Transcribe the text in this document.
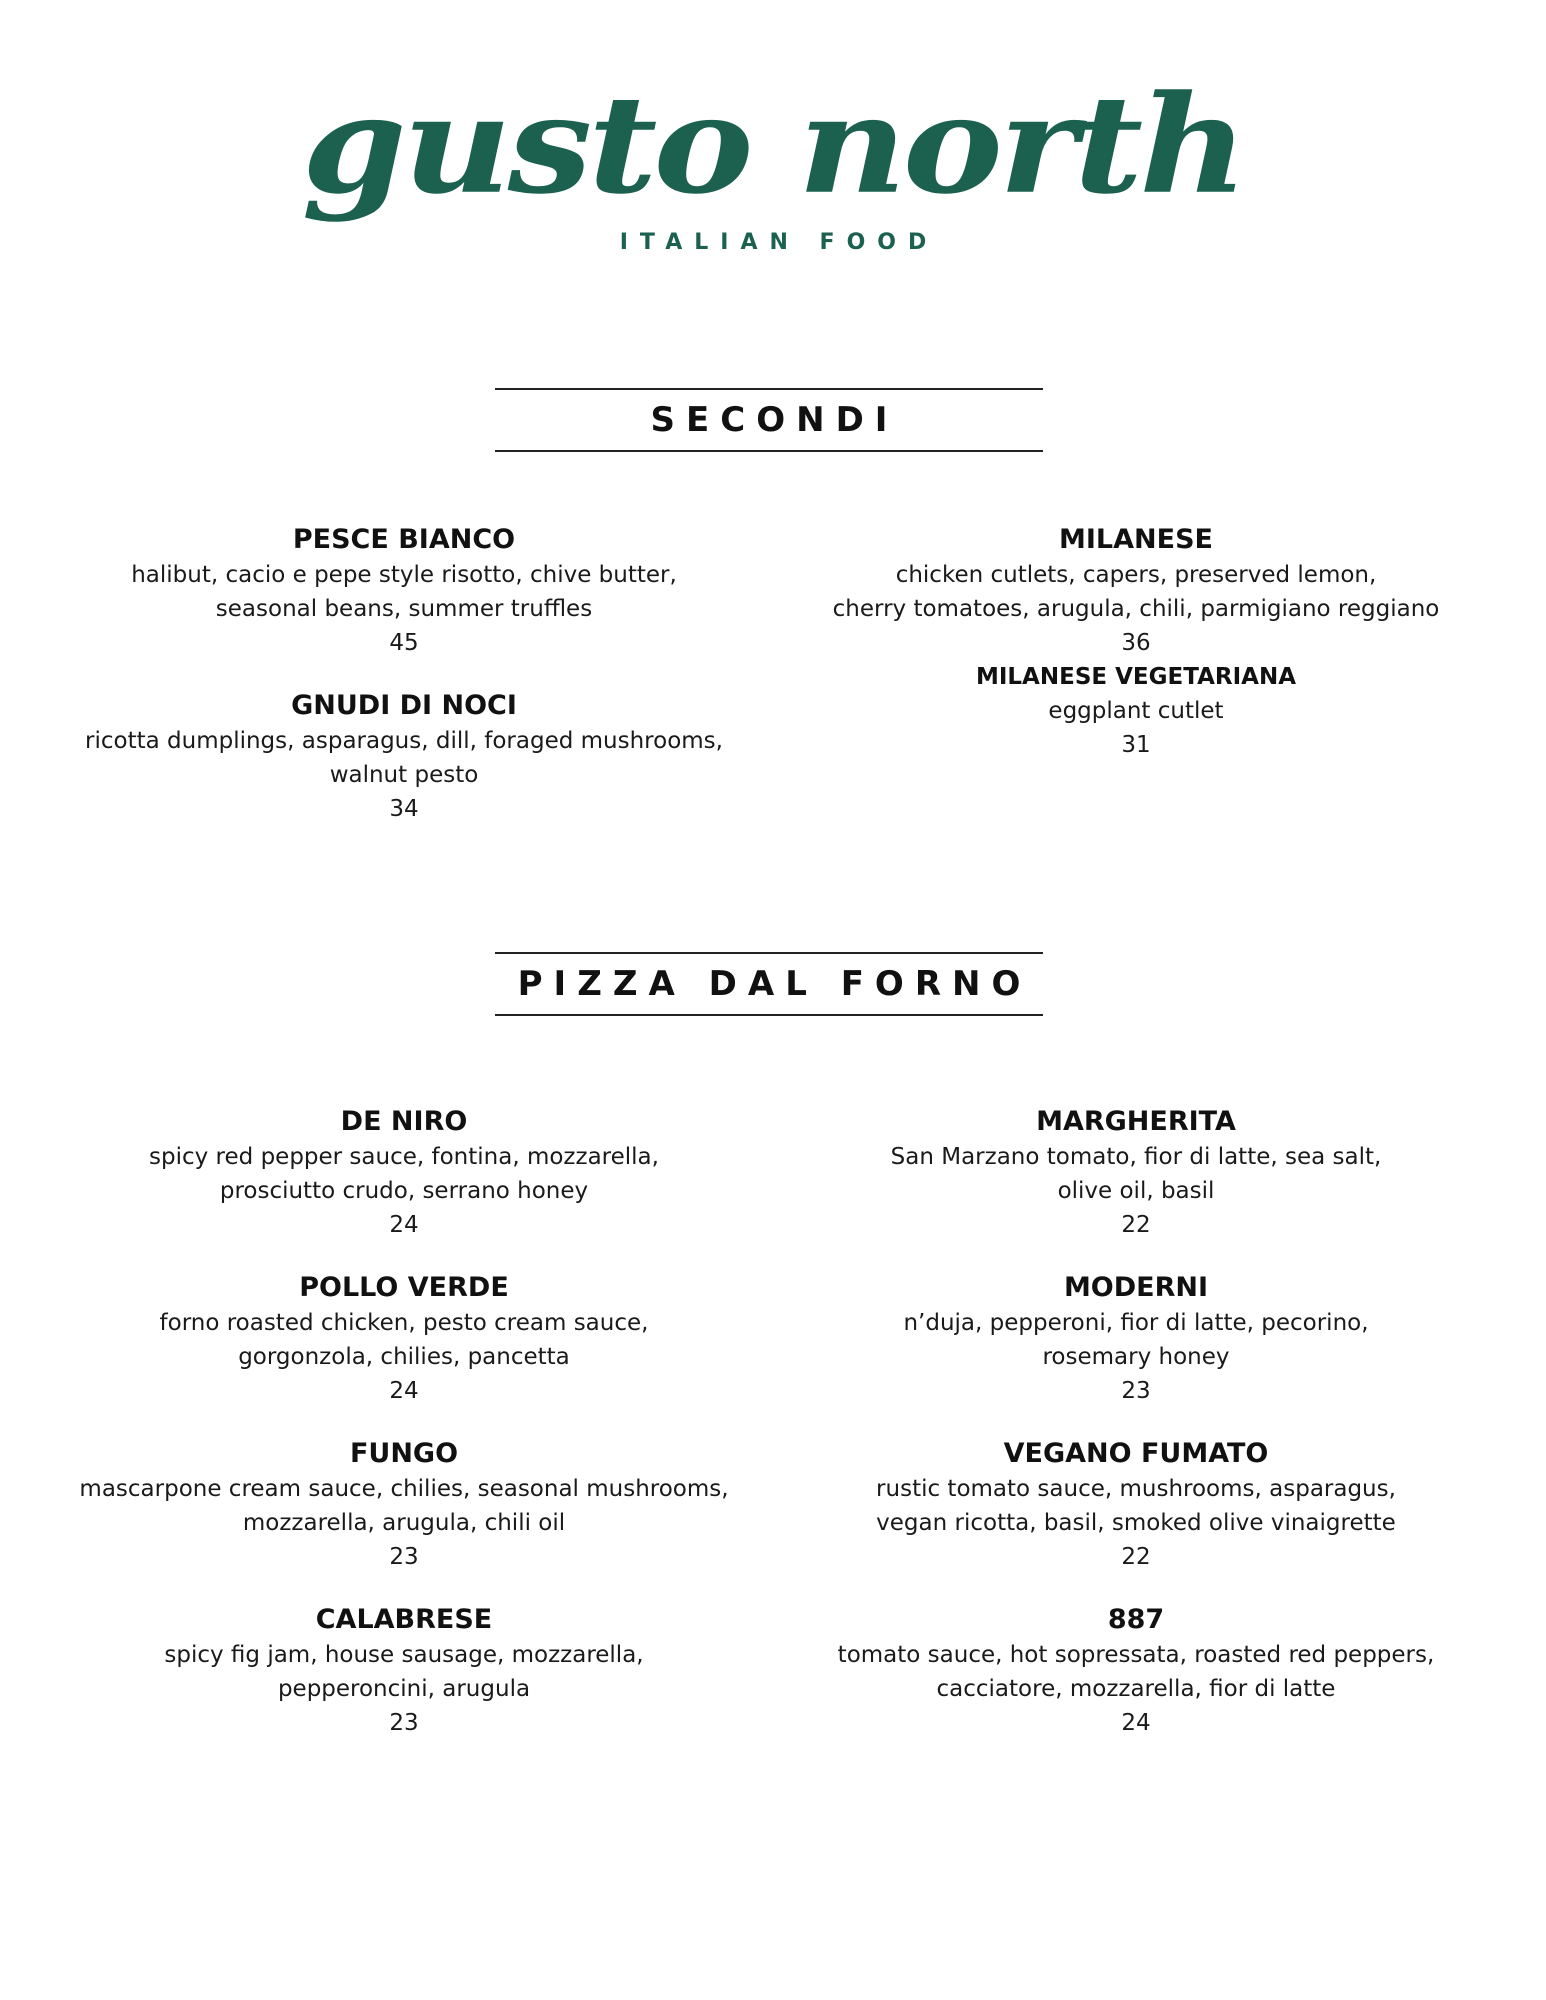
gusto north
ITALIAN FOOD
SECONDI
PESCE BIANCO
halibut, cacio e pepe style risotto, chive butter,
seasonal beans, summer truffles
45
GNUDI DI NOCI
ricotta dumplings, asparagus, dill, foraged mushrooms,
walnut pesto
34
MILANESE
chicken cutlets, capers, preserved lemon,
cherry tomatoes, arugula, chili, parmigiano reggiano
36
MILANESE VEGETARIANA
eggplant cutlet
31
PIZZA DAL FORNO
DE NIRO
spicy red pepper sauce, fontina, mozzarella,
prosciutto crudo, serrano honey
24
POLLO VERDE
forno roasted chicken, pesto cream sauce,
gorgonzola, chilies, pancetta
24
FUNGO
mascarpone cream sauce, chilies, seasonal mushrooms,
mozzarella, arugula, chili oil
23
CALABRESE
spicy fig jam, house sausage, mozzarella,
pepperoncini, arugula
23
MARGHERITA
San Marzano tomato, fior di latte, sea salt,
olive oil, basil
22
MODERNI
n’duja, pepperoni, fior di latte, pecorino,
rosemary honey
23
VEGANO FUMATO
rustic tomato sauce, mushrooms, asparagus,
vegan ricotta, basil, smoked olive vinaigrette
22
887
tomato sauce, hot sopressata, roasted red peppers,
cacciatore, mozzarella, fior di latte
24
